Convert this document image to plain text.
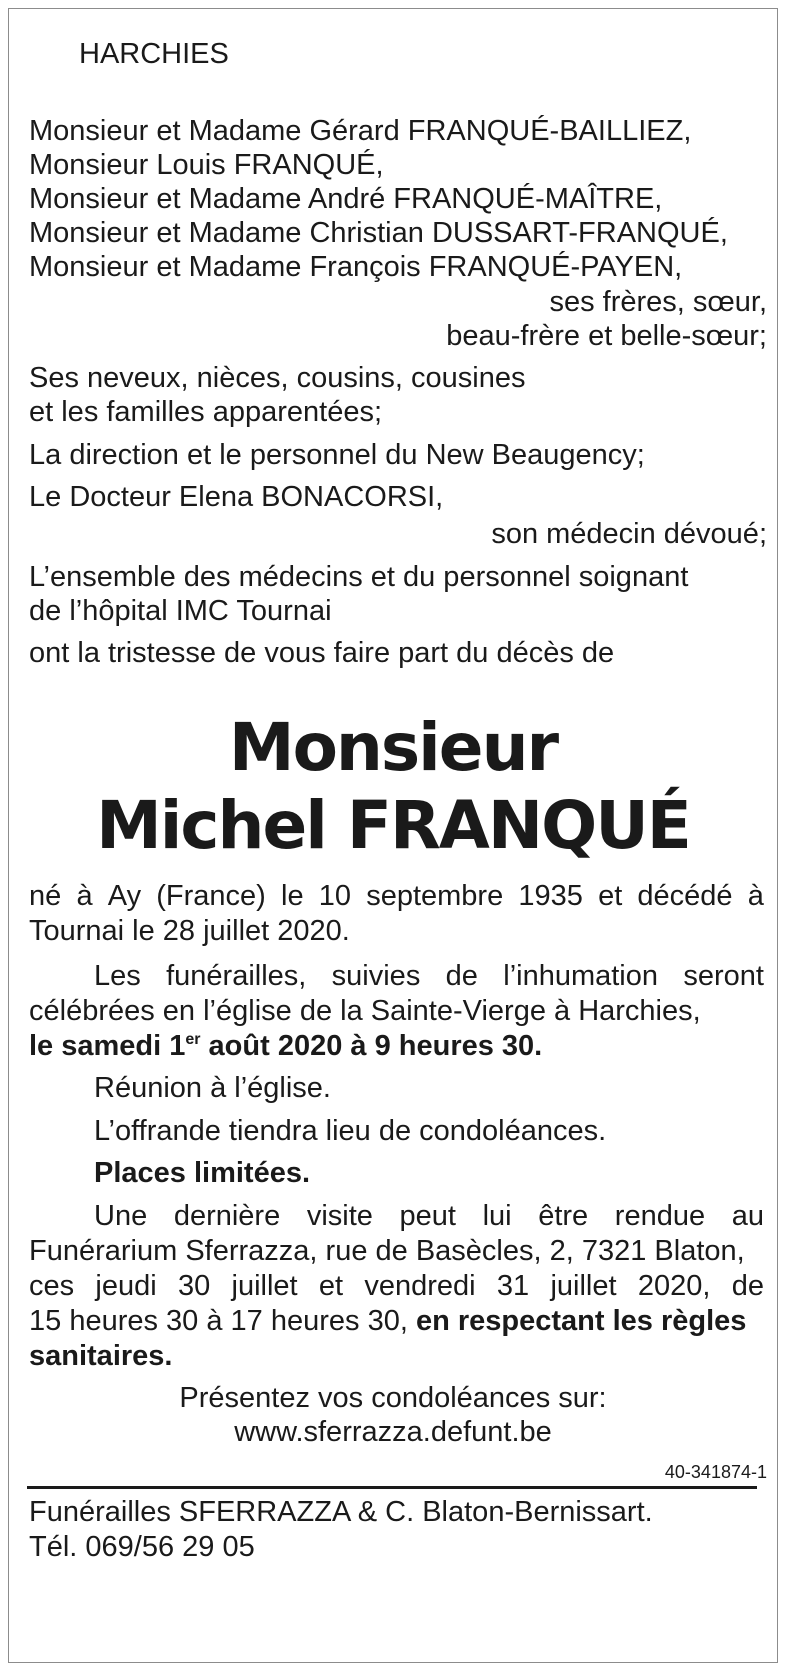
HARCHIES
Monsieur et Madame Gérard FRANQUÉ-BAILLIEZ,
Monsieur Louis FRANQUÉ,
Monsieur et Madame André FRANQUÉ-MAÎTRE,
Monsieur et Madame Christian DUSSART-FRANQUÉ,
Monsieur et Madame François FRANQUÉ-PAYEN,
ses frères, sœur,
beau-frère et belle-sœur;
Ses neveux, nièces, cousins, cousines
et les familles apparentées;
La direction et le personnel du New Beaugency;
Le Docteur Elena BONACORSI,
son médecin dévoué;
L’ensemble des médecins et du personnel soignant
de l’hôpital IMC Tournai
ont la tristesse de vous faire part du décès de
Monsieur
Michel FRANQUÉ
né à Ay (France) le 10 septembre 1935 et décédé à
Tournai le 28 juillet 2020.
Les funérailles, suivies de l’inhumation seront
célébrées en l’église de la Sainte-Vierge à Harchies,
le samedi 1er août 2020 à 9 heures 30.
Réunion à l’église.
L’offrande tiendra lieu de condoléances.
Places limitées.
Une dernière visite peut lui être rendue au
Funérarium Sferrazza, rue de Basècles, 2, 7321 Blaton,
ces jeudi 30 juillet et vendredi 31 juillet 2020, de
15 heures 30 à 17 heures 30, en respectant les règles
sanitaires.
Présentez vos condoléances sur:
www.sferrazza.defunt.be
40-341874-1
Funérailles SFERRAZZA & C. Blaton-Bernissart.
Tél. 069/56 29 05
